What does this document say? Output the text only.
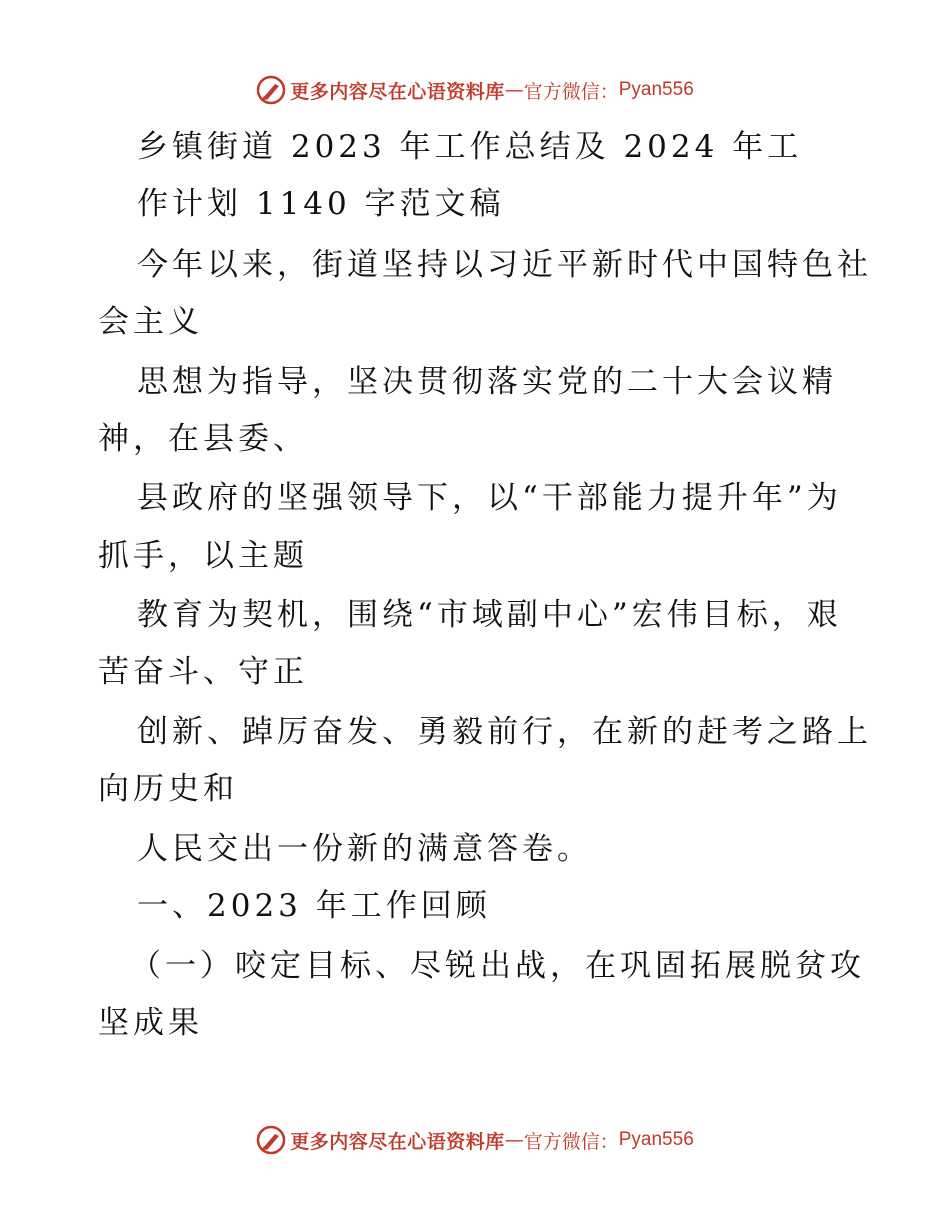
更多内容尽在心语资料库 — 官方微信： Pyan556
乡镇街道 2023 年工作总结及 2024 年工
作计划 1140 字范文稿
今年以来，街道坚持以习近平新时代中国特色社
会主义
思想为指导，坚决贯彻落实党的二十大会议精
神，在县委、
县政府的坚强领导下，以“干部能力提升年”为
抓手，以主题
教育为契机，围绕“市域副中心”宏伟目标，艰
苦奋斗、守正
创新、踔厉奋发、勇毅前行，在新的赶考之路上
向历史和
人民交出一份新的满意答卷。
一、2023 年工作回顾
（一）咬定目标、尽锐出战，在巩固拓展脱贫攻
坚成果
更多内容尽在心语资料库 — 官方微信： Pyan556
